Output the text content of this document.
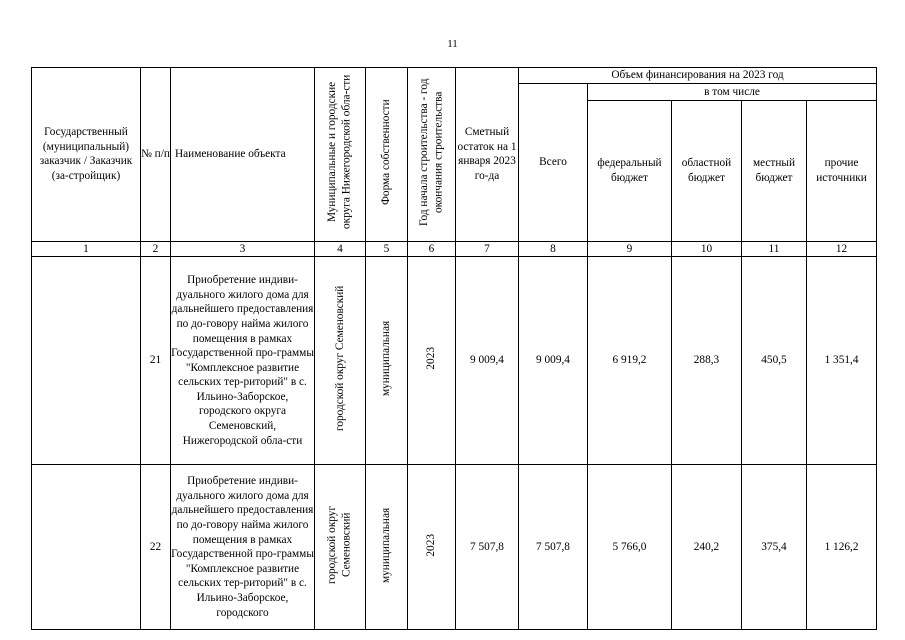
11
Государственный (муниципальный) заказчик / Заказчик (за-стройщик)	№ п/п	Наименование объекта	Муниципальные и городские округа Нижегородской обла-сти	Форма собственности	Год начала строительства - год окончания строительства	Сметный остаток на 1 января 2023 го-да	Объем финансирования на 2023 год				
							Всего	в том числе			
								федеральный бюджет	областной бюджет	местный бюджет	прочие источники
1	2	3	4	5	6	7	8	9	10	11	12
	21	Приобретение индиви-дуального жилого дома для дальнейшего предоставления по до-говору найма жилого помещения в рамках Государственной про-граммы "Комплексное развитие сельских тер-риторий" в с. Ильино-Заборское, городского округа Семеновский, Нижегородской обла-сти	городской округ Семеновский	муниципальная	2023	9 009,4	9 009,4	6 919,2	288,3	450,5	1 351,4
	22	Приобретение индиви-дуального жилого дома для дальнейшего предоставления по до-говору найма жилого помещения в рамках Государственной про-граммы "Комплексное развитие сельских тер-риторий" в с. Ильино-Заборское, городского	городской округ Семеновский	муниципальная	2023	7 507,8	7 507,8	5 766,0	240,2	375,4	1 126,2
